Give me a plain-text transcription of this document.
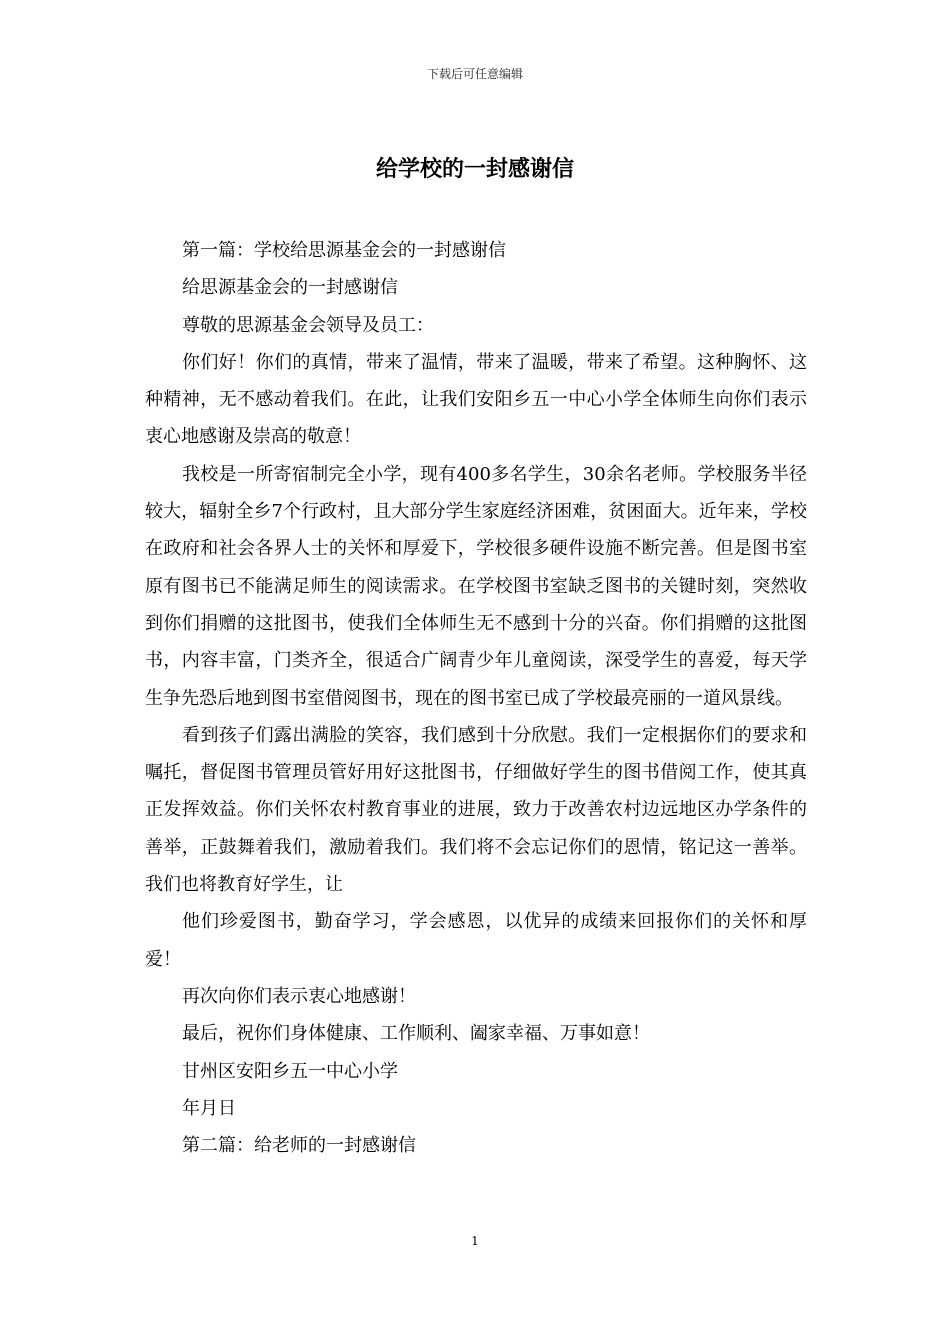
下载后可任意编辑
给学校的一封感谢信

第一篇：学校给思源基金会的一封感谢信

给思源基金会的一封感谢信

尊敬的思源基金会领导及员工：

你们好！你们的真情，带来了温情，带来了温暖，带来了希望。这种胸怀、这种精神，无不感动着我们。在此，让我们安阳乡五一中心小学全体师生向你们表示衷心地感谢及崇高的敬意！

我校是一所寄宿制完全小学，现有400多名学生，30余名老师。学校服务半径较大，辐射全乡7个行政村，且大部分学生家庭经济困难，贫困面大。近年来，学校在政府和社会各界人士的关怀和厚爱下，学校很多硬件设施不断完善。但是图书室原有图书已不能满足师生的阅读需求。在学校图书室缺乏图书的关键时刻，突然收到你们捐赠的这批图书，使我们全体师生无不感到十分的兴奋。你们捐赠的这批图书，内容丰富，门类齐全，很适合广阔青少年儿童阅读，深受学生的喜爱，每天学生争先恐后地到图书室借阅图书，现在的图书室已成了学校最亮丽的一道风景线。

看到孩子们露出满脸的笑容，我们感到十分欣慰。我们一定根据你们的要求和嘱托，督促图书管理员管好用好这批图书，仔细做好学生的图书借阅工作，使其真正发挥效益。你们关怀农村教育事业的进展，致力于改善农村边远地区办学条件的善举，正鼓舞着我们，激励着我们。我们将不会忘记你们的恩情，铭记这一善举。我们也将教育好学生，让

他们珍爱图书，勤奋学习，学会感恩，以优异的成绩来回报你们的关怀和厚爱！

再次向你们表示衷心地感谢！

最后，祝你们身体健康、工作顺利、阖家幸福、万事如意！

甘州区安阳乡五一中心小学

年月日

第二篇：给老师的一封感谢信

1
